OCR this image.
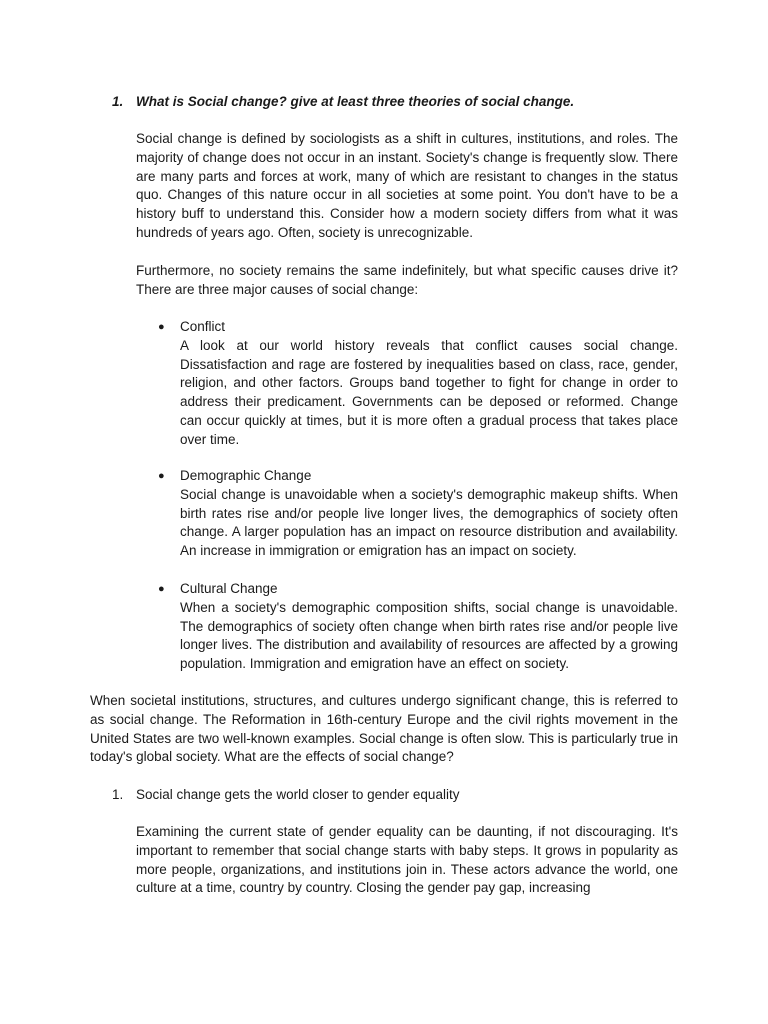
1. What is Social change? give at least three theories of social change.

Social change is defined by sociologists as a shift in cultures, institutions, and roles. The majority of change does not occur in an instant. Society's change is frequently slow. There are many parts and forces at work, many of which are resistant to changes in the status quo. Changes of this nature occur in all societies at some point. You don't have to be a history buff to understand this. Consider how a modern society differs from what it was hundreds of years ago. Often, society is unrecognizable.

Furthermore, no society remains the same indefinitely, but what specific causes drive it? There are three major causes of social change:

● Conflict

A look at our world history reveals that conflict causes social change. Dissatisfaction and rage are fostered by inequalities based on class, race, gender, religion, and other factors. Groups band together to fight for change in order to address their predicament. Governments can be deposed or reformed. Change can occur quickly at times, but it is more often a gradual process that takes place over time.

● Demographic Change

Social change is unavoidable when a society's demographic makeup shifts. When birth rates rise and/or people live longer lives, the demographics of society often change. A larger population has an impact on resource distribution and availability. An increase in immigration or emigration has an impact on society.

● Cultural Change

When a society's demographic composition shifts, social change is unavoidable. The demographics of society often change when birth rates rise and/or people live longer lives. The distribution and availability of resources are affected by a growing population. Immigration and emigration have an effect on society.

When societal institutions, structures, and cultures undergo significant change, this is referred to as social change. The Reformation in 16th-century Europe and the civil rights movement in the United States are two well-known examples. Social change is often slow. This is particularly true in today's global society. What are the effects of social change?

1. Social change gets the world closer to gender equality

Examining the current state of gender equality can be daunting, if not discouraging. It's important to remember that social change starts with baby steps. It grows in popularity as more people, organizations, and institutions join in. These actors advance the world, one culture at a time, country by country. Closing the gender pay gap, increasing
